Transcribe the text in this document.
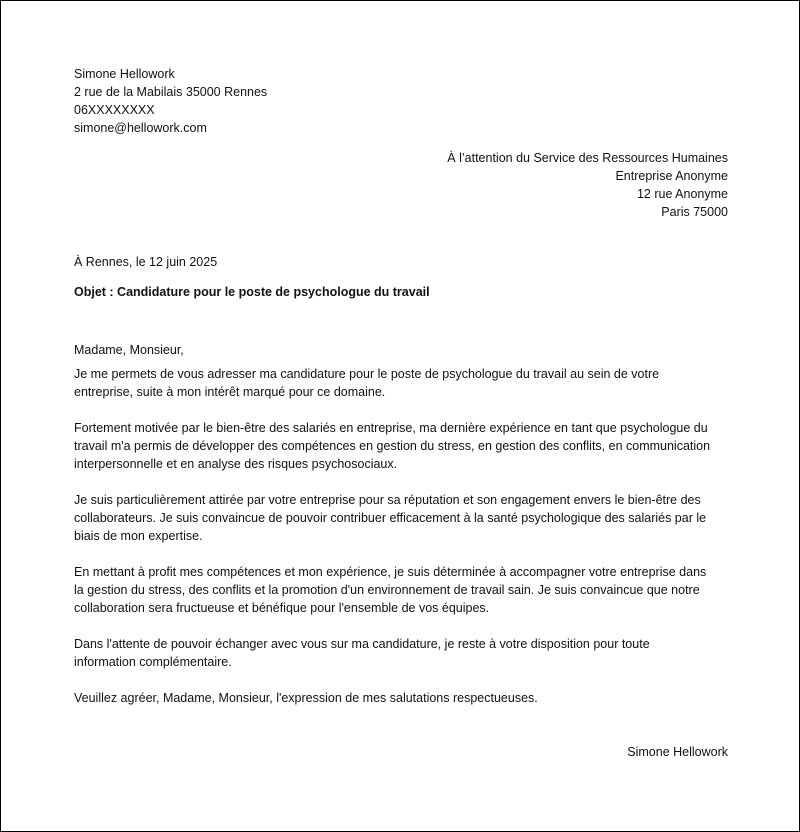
Simone Hellowork
2 rue de la Mabilais 35000 Rennes
06XXXXXXXX
simone@hellowork.com
À l’attention du Service des Ressources Humaines
Entreprise Anonyme
12 rue Anonyme
Paris 75000
À Rennes, le 12 juin 2025
Objet : Candidature pour le poste de psychologue du travail
Madame, Monsieur,
Je me permets de vous adresser ma candidature pour le poste de psychologue du travail au sein de votre
entreprise, suite à mon intérêt marqué pour ce domaine.
Fortement motivée par le bien-être des salariés en entreprise, ma dernière expérience en tant que psychologue du
travail m'a permis de développer des compétences en gestion du stress, en gestion des conflits, en communication
interpersonnelle et en analyse des risques psychosociaux.
Je suis particulièrement attirée par votre entreprise pour sa réputation et son engagement envers le bien-être des
collaborateurs. Je suis convaincue de pouvoir contribuer efficacement à la santé psychologique des salariés par le
biais de mon expertise.
En mettant à profit mes compétences et mon expérience, je suis déterminée à accompagner votre entreprise dans
la gestion du stress, des conflits et la promotion d'un environnement de travail sain. Je suis convaincue que notre
collaboration sera fructueuse et bénéfique pour l'ensemble de vos équipes.
Dans l'attente de pouvoir échanger avec vous sur ma candidature, je reste à votre disposition pour toute
information complémentaire.
Veuillez agréer, Madame, Monsieur, l'expression de mes salutations respectueuses.
Simone Hellowork
